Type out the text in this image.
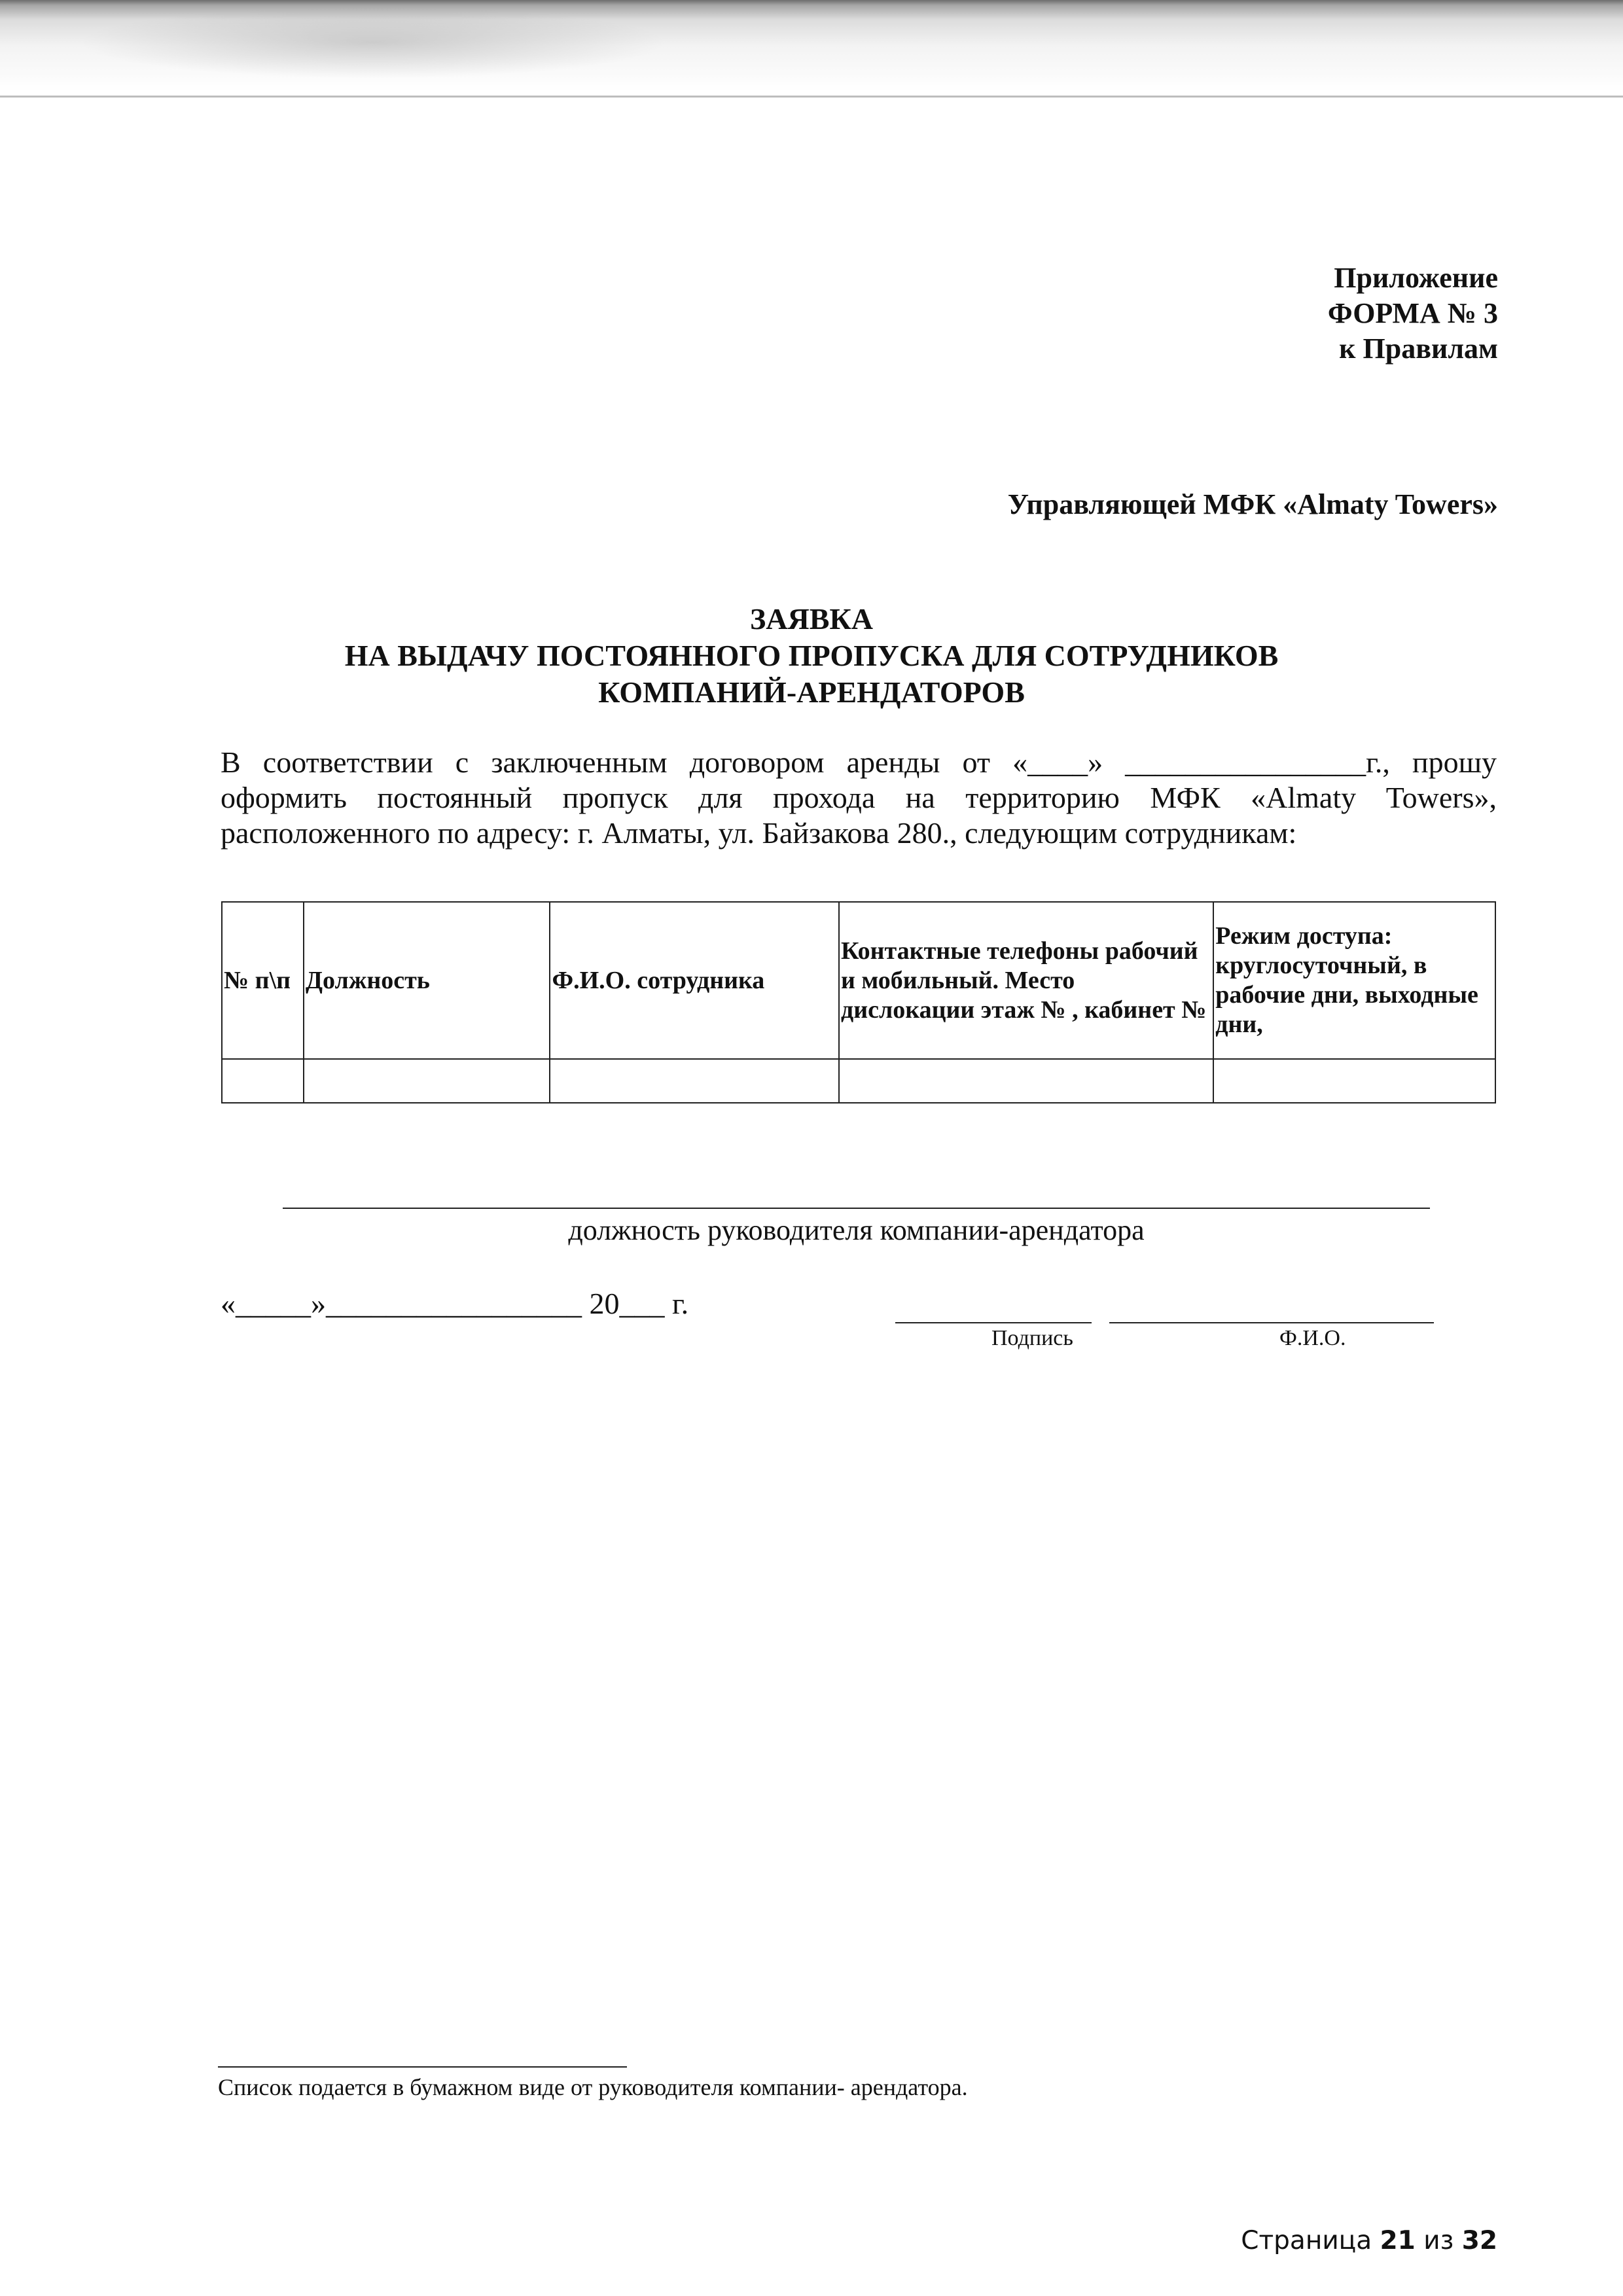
Приложение
ФОРМА № 3
к Правилам
Управляющей МФК «Almaty Towers»
ЗАЯВКА
НА ВЫДАЧУ ПОСТОЯННОГО ПРОПУСКА ДЛЯ СОТРУДНИКОВ
КОМПАНИЙ-АРЕНДАТОРОВ
В соответствии с заключенным договором аренды от «____» ________________г., прошу
оформить постоянный пропуск для прохода на территорию МФК «Almaty Towers»,
расположенного по адресу: г. Алматы, ул. Байзакова 280., следующим сотрудникам:
№ п\п	Должность	Ф.И.О. сотрудника	Контактные телефоны рабочий и мобильный. Место дислокации этаж № , кабинет №	Режим доступа: круглосуточный, в рабочие дни, выходные дни,

должность руководителя компании-арендатора
«_____»_________________ 20___ г.
Подпись	Ф.И.О.
Список подается в бумажном виде от руководителя компании- арендатора.
Страница 21 из 32
